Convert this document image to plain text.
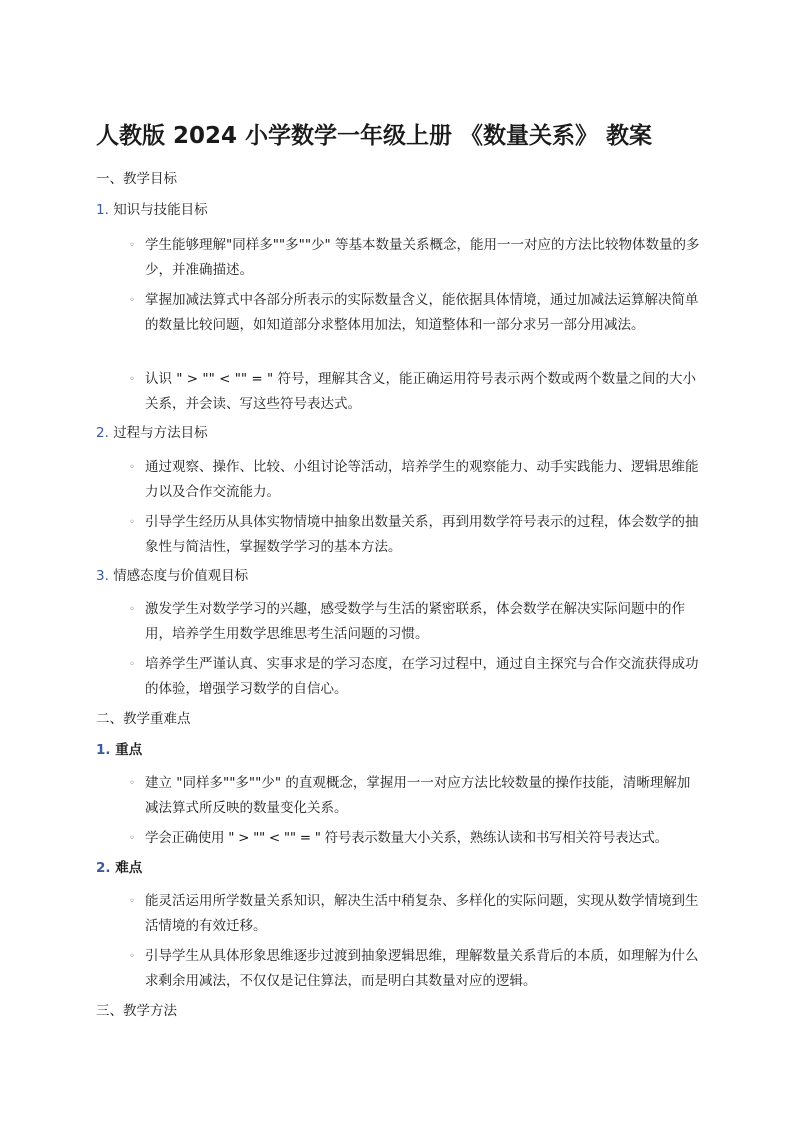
人教版 2024 小学数学一年级上册 《数量关系》 教案
一、教学目标
1. 知识与技能目标
◦ 学生能够理解"同样多""多""少" 等基本数量关系概念，能用一一对应的方法比较物体数量的多少，并准确描述。
◦ 掌握加减法算式中各部分所表示的实际数量含义，能依据具体情境，通过加减法运算解决简单的数量比较问题，如知道部分求整体用加法，知道整体和一部分求另一部分用减法。
◦ 认识 " > "" < "" = " 符号，理解其含义，能正确运用符号表示两个数或两个数量之间的大小关系，并会读、写这些符号表达式。
2. 过程与方法目标
◦ 通过观察、操作、比较、小组讨论等活动，培养学生的观察能力、动手实践能力、逻辑思维能力以及合作交流能力。
◦ 引导学生经历从具体实物情境中抽象出数量关系，再到用数学符号表示的过程，体会数学的抽象性与简洁性，掌握数学学习的基本方法。
3. 情感态度与价值观目标
◦ 激发学生对数学学习的兴趣，感受数学与生活的紧密联系，体会数学在解决实际问题中的作用，培养学生用数学思维思考生活问题的习惯。
◦ 培养学生严谨认真、实事求是的学习态度，在学习过程中，通过自主探究与合作交流获得成功的体验，增强学习数学的自信心。
二、教学重难点
1. 重点
◦ 建立 "同样多""多""少" 的直观概念，掌握用一一对应方法比较数量的操作技能，清晰理解加减法算式所反映的数量变化关系。
◦ 学会正确使用 " > "" < "" = " 符号表示数量大小关系，熟练认读和书写相关符号表达式。
2. 难点
◦ 能灵活运用所学数量关系知识，解决生活中稍复杂、多样化的实际问题，实现从数学情境到生活情境的有效迁移。
◦ 引导学生从具体形象思维逐步过渡到抽象逻辑思维，理解数量关系背后的本质，如理解为什么求剩余用减法，不仅仅是记住算法，而是明白其数量对应的逻辑。
三、教学方法
